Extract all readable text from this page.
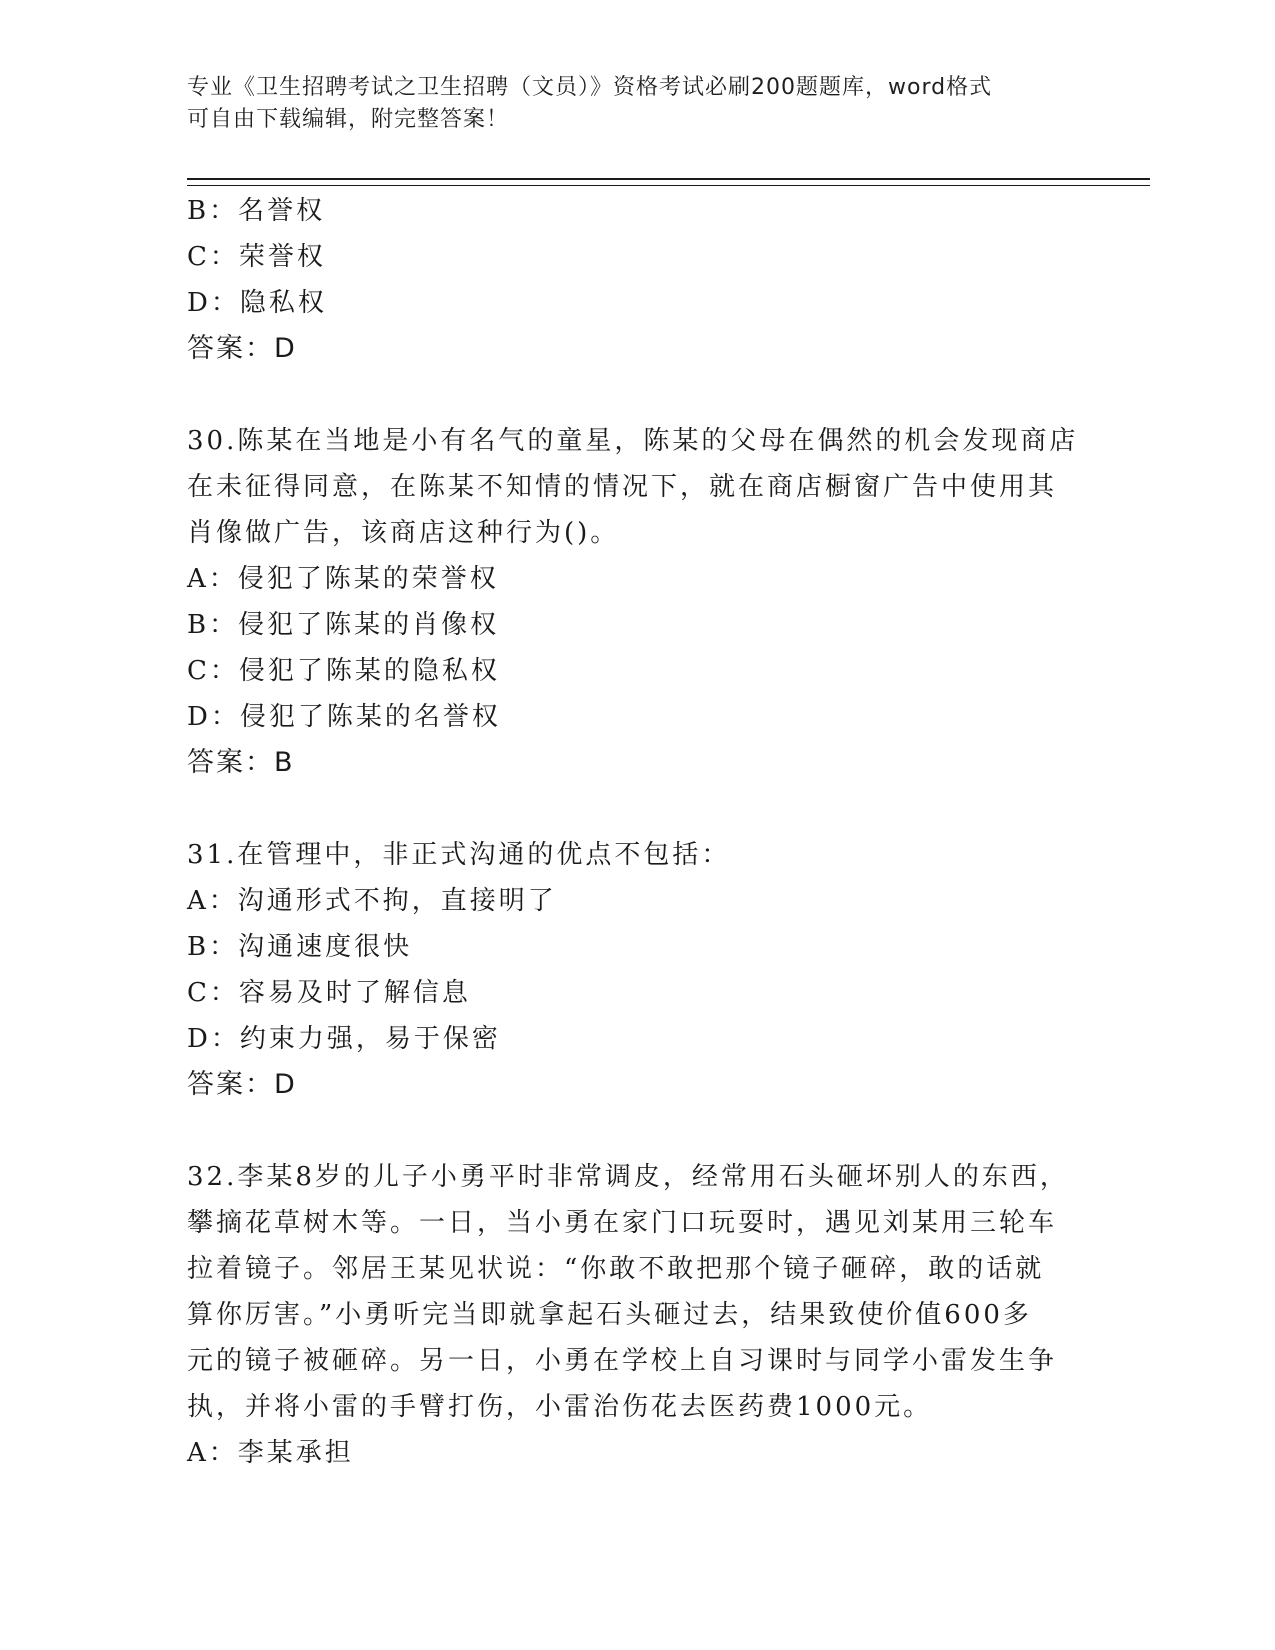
专业《卫生招聘考试之卫生招聘（文员）》资格考试必刷200题题库，word格式
可自由下载编辑，附完整答案！
B：名誉权
C：荣誉权
D：隐私权
答案：D
30.陈某在当地是小有名气的童星，陈某的父母在偶然的机会发现商店
在未征得同意，在陈某不知情的情况下，就在商店橱窗广告中使用其
肖像做广告，该商店这种行为()。
A：侵犯了陈某的荣誉权
B：侵犯了陈某的肖像权
C：侵犯了陈某的隐私权
D：侵犯了陈某的名誉权
答案：B
31.在管理中，非正式沟通的优点不包括：
A：沟通形式不拘，直接明了
B：沟通速度很快
C：容易及时了解信息
D：约束力强，易于保密
答案：D
32.李某8岁的儿子小勇平时非常调皮，经常用石头砸坏别人的东西，
攀摘花草树木等。一日，当小勇在家门口玩耍时，遇见刘某用三轮车
拉着镜子。邻居王某见状说：“你敢不敢把那个镜子砸碎，敢的话就
算你厉害。”小勇听完当即就拿起石头砸过去，结果致使价值600多
元的镜子被砸碎。另一日，小勇在学校上自习课时与同学小雷发生争
执，并将小雷的手臂打伤，小雷治伤花去医药费1000元。
A：李某承担
